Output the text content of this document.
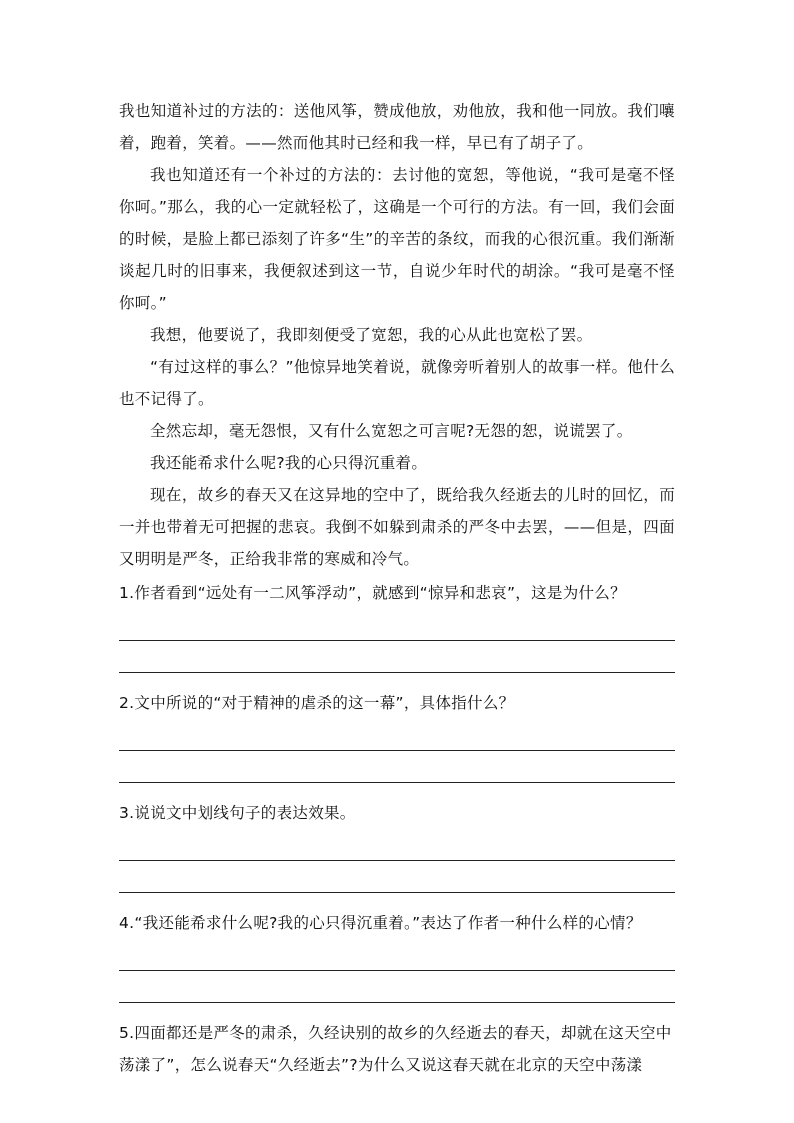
我也知道补过的方法的：送他风筝，赞成他放，劝他放，我和他一同放。我们嚷着，跑着，笑着。——然而他其时已经和我一样，早已有了胡子了。

我也知道还有一个补过的方法的：去讨他的宽恕，等他说，“我可是毫不怪你呵。”那么，我的心一定就轻松了，这确是一个可行的方法。有一回，我们会面的时候，是脸上都已添刻了许多“生”的辛苦的条纹，而我的心很沉重。我们渐渐谈起几时的旧事来，我便叙述到这一节，自说少年时代的胡涂。“我可是毫不怪你呵。”

我想，他要说了，我即刻便受了宽恕，我的心从此也宽松了罢。

“有过这样的事么？”他惊异地笑着说，就像旁听着别人的故事一样。他什么也不记得了。

全然忘却，毫无怨恨，又有什么宽恕之可言呢?无怨的恕，说谎罢了。

我还能希求什么呢?我的心只得沉重着。

现在，故乡的春天又在这异地的空中了，既给我久经逝去的儿时的回忆，而一并也带着无可把握的悲哀。我倒不如躲到肃杀的严冬中去罢，——但是，四面又明明是严冬，正给我非常的寒威和冷气。

1.作者看到“远处有一二风筝浮动”，就感到“惊异和悲哀”，这是为什么？

2.文中所说的“对于精神的虐杀的这一幕”，具体指什么？

3.说说文中划线句子的表达效果。

4.“我还能希求什么呢?我的心只得沉重着。”表达了作者一种什么样的心情？

5.四面都还是严冬的肃杀，久经诀别的故乡的久经逝去的春天，却就在这天空中荡漾了”，怎么说春天“久经逝去”?为什么又说这春天就在北京的天空中荡漾
